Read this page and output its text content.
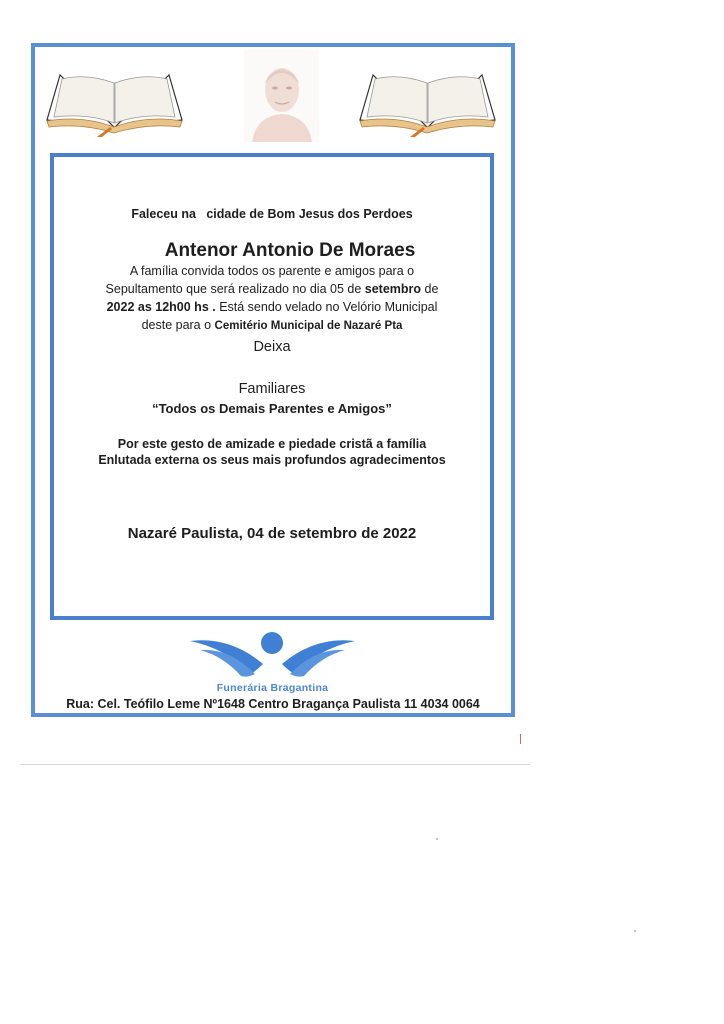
Faleceu na   cidade de Bom Jesus dos Perdoes
Antenor Antonio De Moraes
A família convida todos os parente e amigos para o
Sepultamento que será realizado no dia 05 de setembro de
2022 as 12h00 hs . Está sendo velado no Velório Municipal
deste para o Cemitério Municipal de Nazaré Pta
Deixa
Familiares
“Todos os Demais Parentes e Amigos”
Por este gesto de amizade e piedade cristã a família
Enlutada externa os seus mais profundos agradecimentos
Nazaré Paulista, 04 de setembro de 2022
Funerária Bragantina
Rua: Cel. Teófilo Leme Nº1648 Centro Bragança Paulista 11 4034 0064
